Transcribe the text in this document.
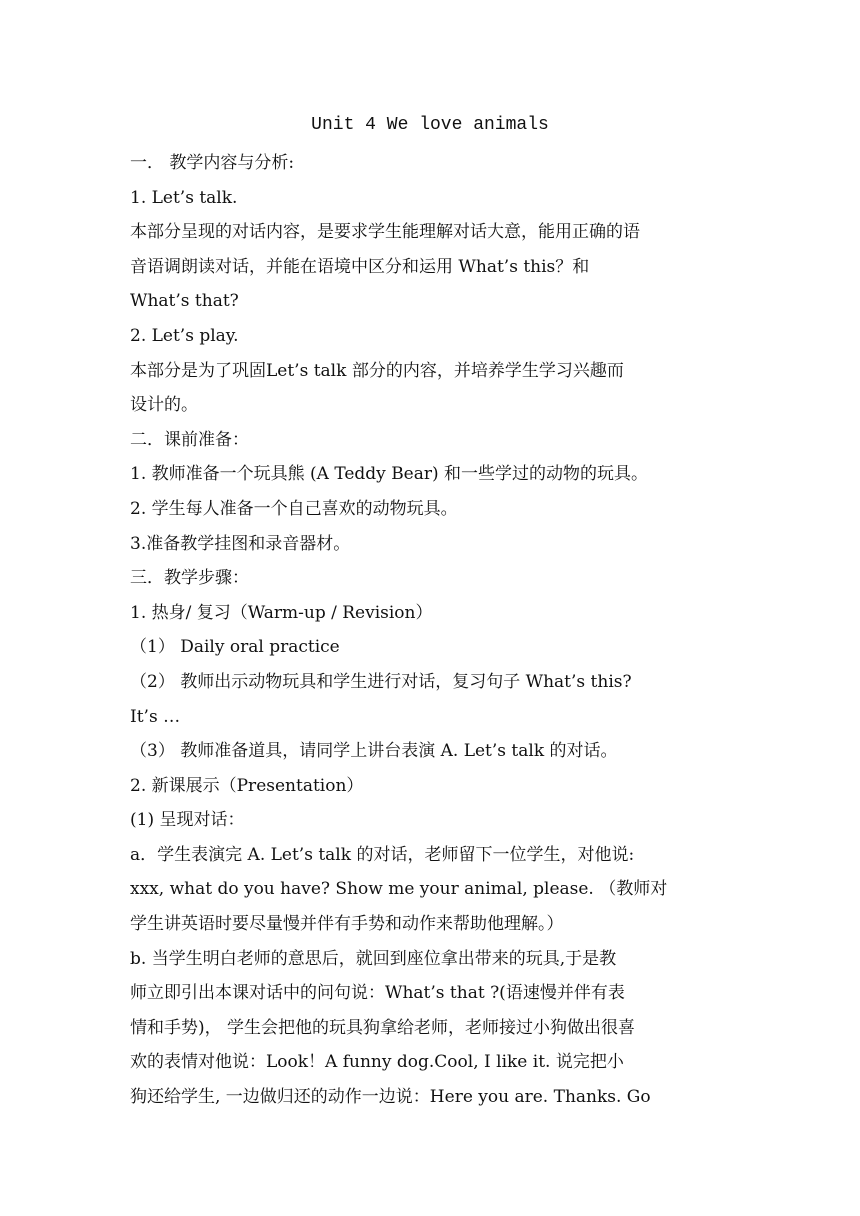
Unit 4 We love animals
一． 教学内容与分析:
1. Let’s talk.
本部分呈现的对话内容，是要求学生能理解对话大意，能用正确的语
音语调朗读对话，并能在语境中区分和运用 What’s this？和
What’s that?
2. Let’s play.
本部分是为了巩固Let’s talk 部分的内容，并培养学生学习兴趣而
设计的。
二．课前准备：
1. 教师准备一个玩具熊 (A Teddy Bear) 和一些学过的动物的玩具。
2. 学生每人准备一个自己喜欢的动物玩具。
3.准备教学挂图和录音器材。
三．教学步骤：
1. 热身/ 复习（Warm-up / Revision）
（1） Daily oral practice
（2） 教师出示动物玩具和学生进行对话，复习句子 What’s this?
It’s …
（3） 教师准备道具，请同学上讲台表演 A. Let’s talk 的对话。
2. 新课展示（Presentation）
(1) 呈现对话：
a．学生表演完 A. Let’s talk 的对话，老师留下一位学生，对他说:
xxx, what do you have? Show me your animal, please. （教师对
学生讲英语时要尽量慢并伴有手势和动作来帮助他理解。）
b. 当学生明白老师的意思后，就回到座位拿出带来的玩具,于是教
师立即引出本课对话中的问句说：What’s that ?(语速慢并伴有表
情和手势)， 学生会把他的玩具狗拿给老师，老师接过小狗做出很喜
欢的表情对他说：Look！A funny dog.Cool, I like it. 说完把小
狗还给学生, 一边做归还的动作一边说：Here you are. Thanks. Go
